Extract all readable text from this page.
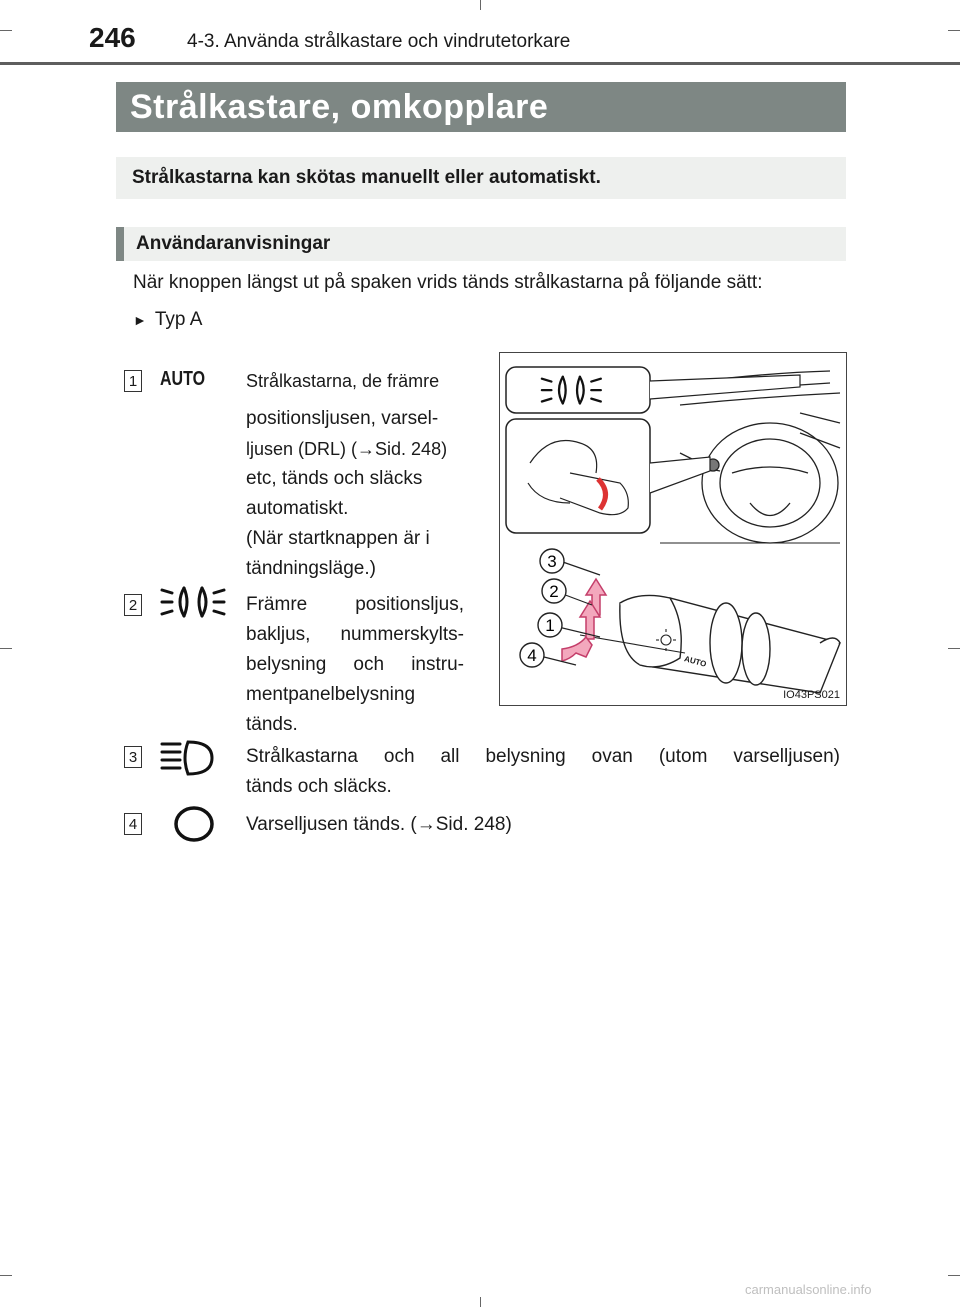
246	4-3. Använda strålkastare och vindrutetorkare
Strålkastare, omkopplare
Strålkastarna kan skötas manuellt eller automatiskt.
Användaranvisningar
När knoppen längst ut på spaken vrids tänds strålkastarna på följande sätt:
► Typ A
1 AUTO Strålkastarna, de främre
positionsljusen, varsel-
ljusen (DRL) (→Sid. 248)
etc, tänds och släcks
automatiskt.
(När startknappen är i
tändningsläge.)
2	Främre positionsljus,
bakljus, nummerskylts-
belysning och instru-
mentpanelbelysning
tänds.
3	Strålkastarna och all belysning ovan (utom varselljusen)
tänds och släcks.
4	Varselljusen tänds. (→Sid. 248)
3
2
1
4	AUTO
IO43PS021
carmanualsonline.info
